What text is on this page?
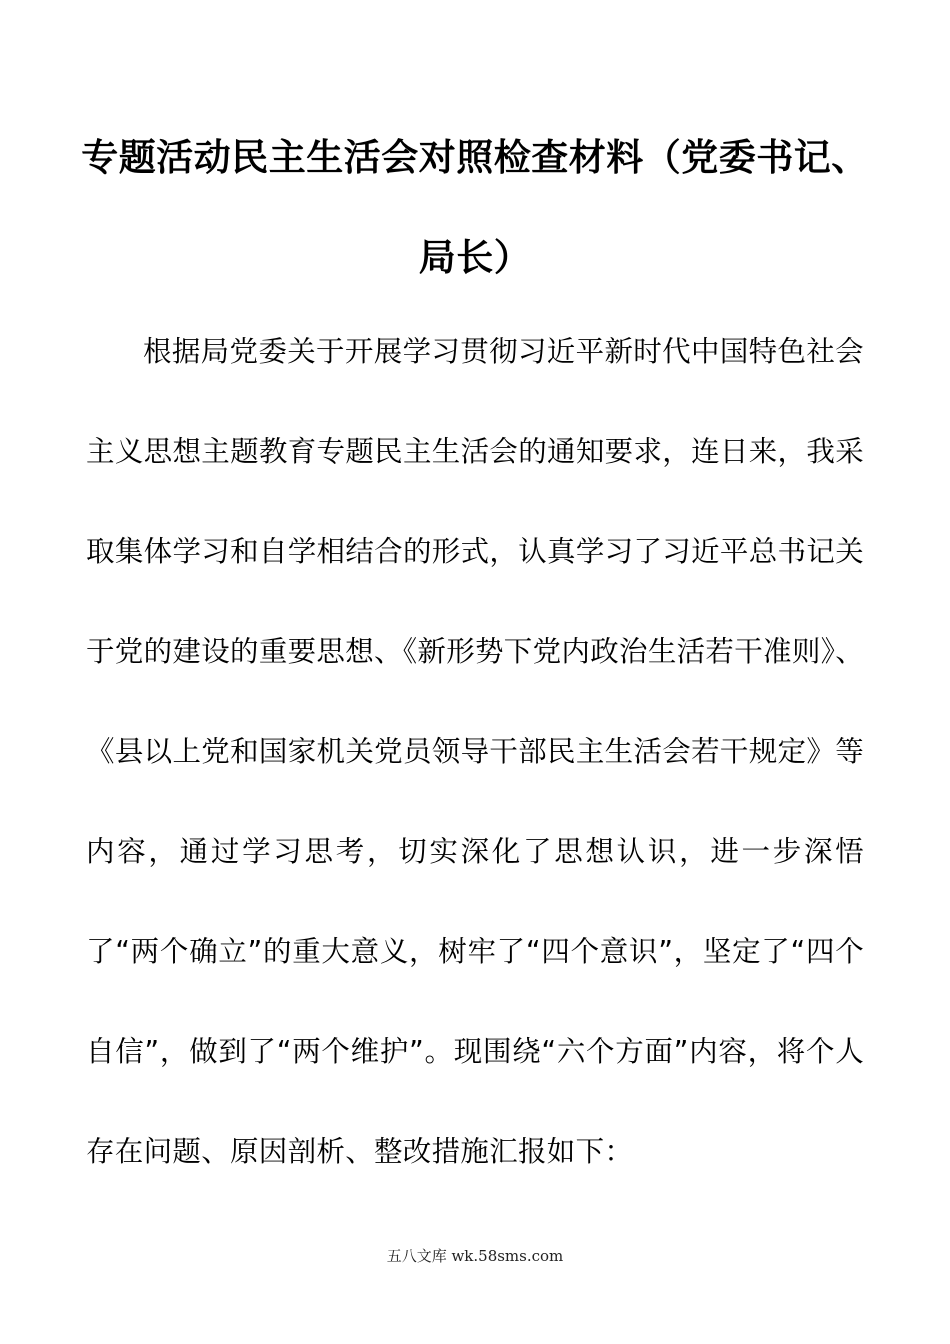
专题活动民主生活会对照检查材料（党委书记、局长）

根据局党委关于开展学习贯彻习近平新时代中国特色社会主义思想主题教育专题民主生活会的通知要求，连日来，我采取集体学习和自学相结合的形式，认真学习了习近平总书记关于党的建设的重要思想、《新形势下党内政治生活若干准则》、《县以上党和国家机关党员领导干部民主生活会若干规定》等内容，通过学习思考，切实深化了思想认识，进一步深悟了“两个确立”的重大意义，树牢了“四个意识”，坚定了“四个自信”，做到了“两个维护”。现围绕“六个方面”内容，将个人存在问题、原因剖析、整改措施汇报如下：

五八文库 wk.58sms.com
